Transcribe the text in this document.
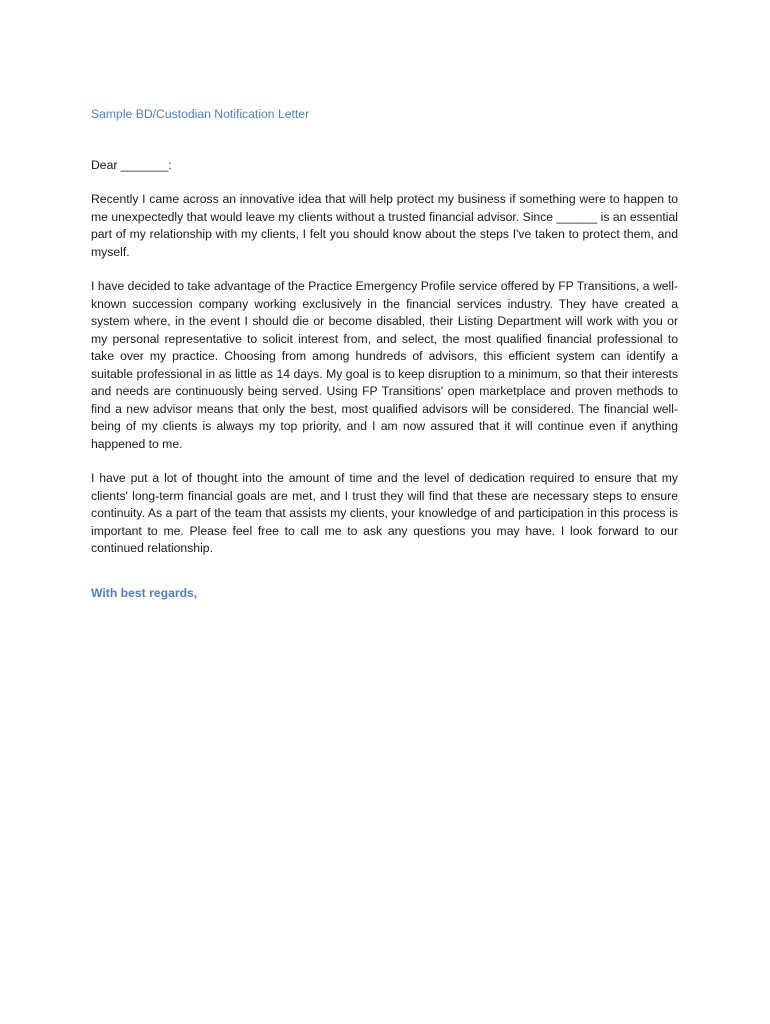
Sample BD/Custodian Notification Letter
Dear _______:

Recently I came across an innovative idea that will help protect my business if something were to happen to me unexpectedly that would leave my clients without a trusted financial advisor. Since ______ is an essential part of my relationship with my clients, I felt you should know about the steps I've taken to protect them, and myself.

I have decided to take advantage of the Practice Emergency Profile service offered by FP Transitions, a well-known succession company working exclusively in the financial services industry. They have created a system where, in the event I should die or become disabled, their Listing Department will work with you or my personal representative to solicit interest from, and select, the most qualified financial professional to take over my practice. Choosing from among hundreds of advisors, this efficient system can identify a suitable professional in as little as 14 days. My goal is to keep disruption to a minimum, so that their interests and needs are continuously being served. Using FP Transitions' open marketplace and proven methods to find a new advisor means that only the best, most qualified advisors will be considered. The financial well-being of my clients is always my top priority, and I am now assured that it will continue even if anything happened to me.

I have put a lot of thought into the amount of time and the level of dedication required to ensure that my clients' long-term financial goals are met, and I trust they will find that these are necessary steps to ensure continuity. As a part of the team that assists my clients, your knowledge of and participation in this process is important to me. Please feel free to call me to ask any questions you may have. I look forward to our continued relationship.

With best regards,
